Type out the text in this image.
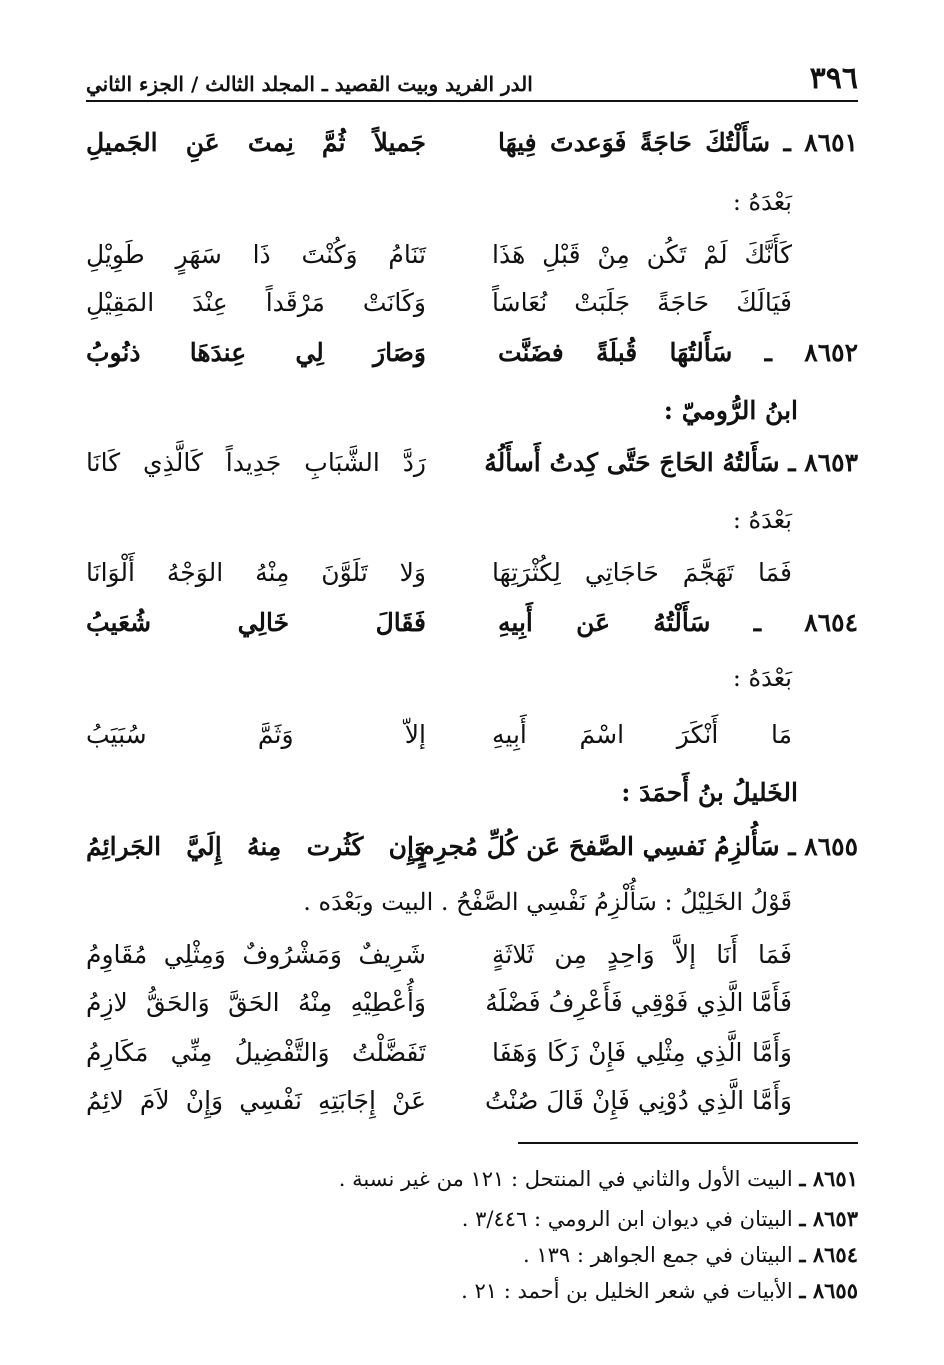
٣٩٦
الدر الفريد وبيت القصيد ـ المجلد الثالث / الجزء الثاني
٨٦٥١ ـ سَأَلْتُكَ حَاجَةً فَوَعدتَ فِيهَا
جَميلاً ثُمَّ نِمتَ عَنِ الجَميلِ
بَعْدَهُ :
كَأَنَّكَ لَمْ تَكُن مِنْ قَبْلِ هَذَا
تَنَامُ وَكُنْتَ ذَا سَهَرٍ طَوِيْلِ
فَيَالَكَ حَاجَةً جَلَبَتْ نُعَاسَاً
وَكَانَتْ مَرْقَداً عِنْدَ المَقِيْلِ
٨٦٥٢ ـ سَأَلتُهَا قُبلَةً فضَنَّت
وَصَارَ لِي عِندَهَا ذنُوبُ
ابنُ الرُّوميّ :
٨٦٥٣ ـ سَأَلتُهُ الحَاجَ حَتَّى كِدتُ أَسأَلُهُ
رَدَّ الشَّبَابِ جَدِيداً كَالَّذِي كَانَا
بَعْدَهُ :
فَمَا تَهَجَّمَ حَاجَاتِي لِكُثْرَتِهَا
وَلا تَلَوَّنَ مِنْهُ الوَجْهُ أَلْوَانَا
٨٦٥٤ ـ سَأَلْتُهُ عَن أَبِيهِ
فَقَالَ خَالِي شُعَيبُ
بَعْدَهُ :
مَا أَنْكَرَ اسْمَ أَبِيهِ
إلاّ وَثَمَّ سُبَيَبُ
الخَليلُ بنُ أَحمَدَ :
٨٦٥٥ ـ سَأُلزِمُ نَفسِي الصَّفحَ عَن كُلِّ مُجرِمٍ
وَإِن كَثُرت مِنهُ إِلَيَّ الجَرائِمُ
قَوْلُ الخَلِيْلُ : سَأُلْزِمُ نَفْسِي الصَّفْحُ . البيت وبَعْدَه .
فَمَا أَنَا إلاَّ وَاحِدٍ مِن ثَلاثَةٍ
شَرِيفٌ وَمَشْرُوفٌ وَمِثْلِي مُقَاوِمُ
فَأَمَّا الَّذِي فَوْقِي فَأَعْرِفُ فَضْلَهُ
وَأُعْطِيْهِ مِنْهُ الحَقَّ وَالحَقُّ لازِمُ
وَأَمَّا الَّذِي مِثْلِي فَإِنْ زَكَا وَهَفَا
تَفَضَّلْتُ وَالتَّفْضِيلُ مِنِّي مَكَارِمُ
وَأَمَّا الَّذِي دُوْنِي فَإِنْ قَالَ صُنْتُ
عَنْ إِجَابَتِهِ نَفْسِي وَإِنْ لاَمَ لائِمُ
٨٦٥١ ـ البيت الأول والثاني في المنتحل : ١٢١ من غير نسبة .
٨٦٥٣ ـ البيتان في ديوان ابن الرومي : ٣/٤٤٦ .
٨٦٥٤ ـ البيتان في جمع الجواهر : ١٣٩ .
٨٦٥٥ ـ الأبيات في شعر الخليل بن أحمد : ٢١ .
